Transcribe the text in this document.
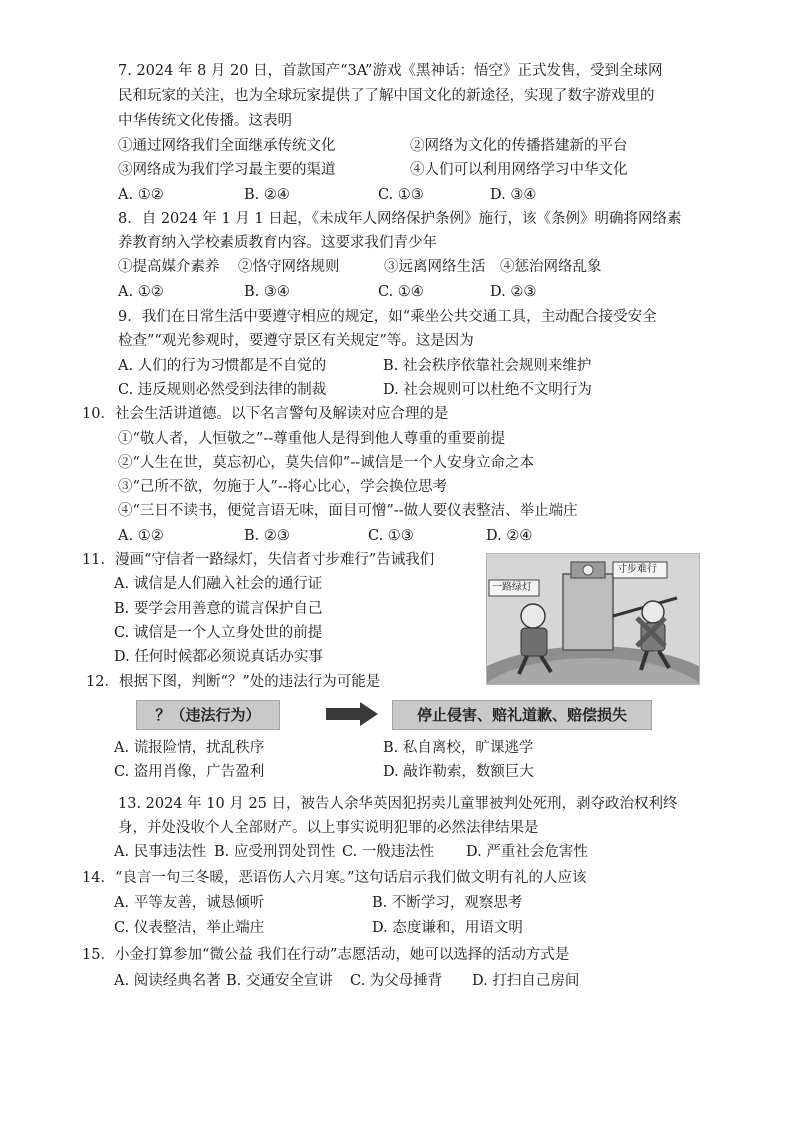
7. 2024 年 8 月 20 日，首款国产“3A”游戏《黑神话：悟空》正式发售，受到全球网
民和玩家的关注，也为全球玩家提供了了解中国文化的新途径，实现了数字游戏里的
中华传统文化传播。这表明
①通过网络我们全面继承传统文化	②网络为文化的传播搭建新的平台
③网络成为我们学习最主要的渠道	④人们可以利用网络学习中华文化
A. ①②	B. ②④	C. ①③	D. ③④
8．自 2024 年 1 月 1 日起，《未成年人网络保护条例》施行，该《条例》明确将网络素
养教育纳入学校素质教育内容。这要求我们青少年
①提高媒介素养 ②恪守网络规则	③远离网络生活 ④惩治网络乱象
A. ①②	B. ③④	C. ①④	D. ②③
9．我们在日常生活中要遵守相应的规定，如“乘坐公共交通工具，主动配合接受安全
检查”“观光参观时，要遵守景区有关规定”等。这是因为
A. 人们的行为习惯都是不自觉的	B. 社会秩序依靠社会规则来维护
C. 违反规则必然受到法律的制裁	D. 社会规则可以杜绝不文明行为
10．社会生活讲道德。以下名言警句及解读对应合理的是
①“敬人者，人恒敬之”--尊重他人是得到他人尊重的重要前提
②“人生在世，莫忘初心，莫失信仰”--诚信是一个人安身立命之本
③“己所不欲，勿施于人”--将心比心，学会换位思考
④“三日不读书，便觉言语无味，面目可憎”--做人要仪表整洁、举止端庄
A. ①②	B. ②③	C. ①③	D. ②④
11．漫画“守信者一路绿灯，失信者寸步难行”告诫我们
A. 诚信是人们融入社会的通行证
B. 要学会用善意的谎言保护自己
C. 诚信是一个人立身处世的前提
D. 任何时候都必须说真话办实事
一路绿灯
寸步难行
12．根据下图，判断“？”处的违法行为可能是
？（违法行为）	停止侵害、赔礼道歉、赔偿损失
A. 谎报险情，扰乱秩序	B. 私自离校，旷课逃学
C. 盗用肖像，广告盈利	D. 敲诈勒索，数额巨大
13. 2024 年 10 月 25 日，被告人余华英因犯拐卖儿童罪被判处死刑，剥夺政治权利终
身，并处没收个人全部财产。以上事实说明犯罪的必然法律结果是
A. 民事违法性 B. 应受刑罚处罚性 C. 一般违法性 D. 严重社会危害性
14．“良言一句三冬暖，恶语伤人六月寒。”这句话启示我们做文明有礼的人应该
A. 平等友善，诚恳倾听	B. 不断学习，观察思考
C. 仪表整洁，举止端庄	D. 态度谦和，用语文明
15．小金打算参加“微公益 我们在行动”志愿活动，她可以选择的活动方式是
A. 阅读经典名著 B. 交通安全宣讲 C. 为父母捶背 D. 打扫自己房间
